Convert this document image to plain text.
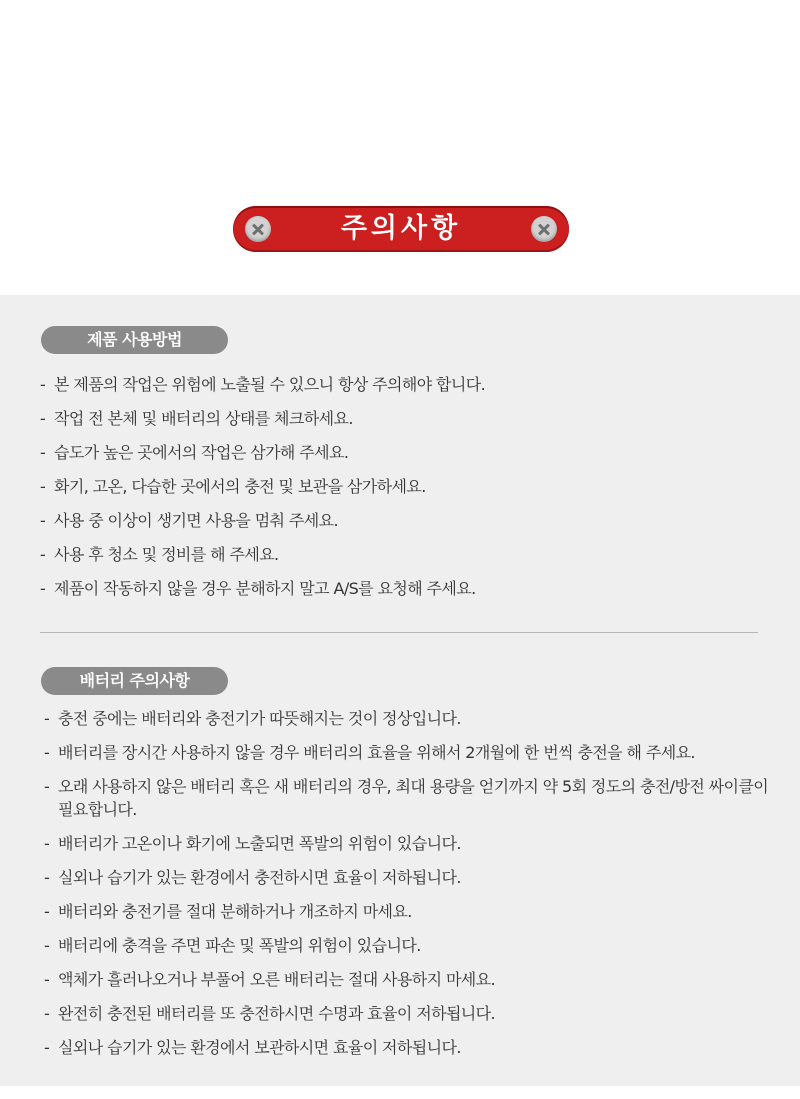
주의사항
제품 사용방법
- 본 제품의 작업은 위험에 노출될 수 있으니 항상 주의해야 합니다.
- 작업 전 본체 및 배터리의 상태를 체크하세요.
- 습도가 높은 곳에서의 작업은 삼가해 주세요.
- 화기, 고온, 다습한 곳에서의 충전 및 보관을 삼가하세요.
- 사용 중 이상이 생기면 사용을 멈춰 주세요.
- 사용 후 청소 및 정비를 해 주세요.
- 제품이 작동하지 않을 경우 분해하지 말고 A/S를 요청해 주세요.
배터리 주의사항
- 충전 중에는 배터리와 충전기가 따뜻해지는 것이 정상입니다.
- 배터리를 장시간 사용하지 않을 경우 배터리의 효율을 위해서 2개월에 한 번씩 충전을 해 주세요.
- 오래 사용하지 않은 배터리 혹은 새 배터리의 경우, 최대 용량을 얻기까지 약 5회 정도의 충전/방전 싸이클이 필요합니다.
- 배터리가 고온이나 화기에 노출되면 폭발의 위험이 있습니다.
- 실외나 습기가 있는 환경에서 충전하시면 효율이 저하됩니다.
- 배터리와 충전기를 절대 분해하거나 개조하지 마세요.
- 배터리에 충격을 주면 파손 및 폭발의 위험이 있습니다.
- 액체가 흘러나오거나 부풀어 오른 배터리는 절대 사용하지 마세요.
- 완전히 충전된 배터리를 또 충전하시면 수명과 효율이 저하됩니다.
- 실외나 습기가 있는 환경에서 보관하시면 효율이 저하됩니다.
